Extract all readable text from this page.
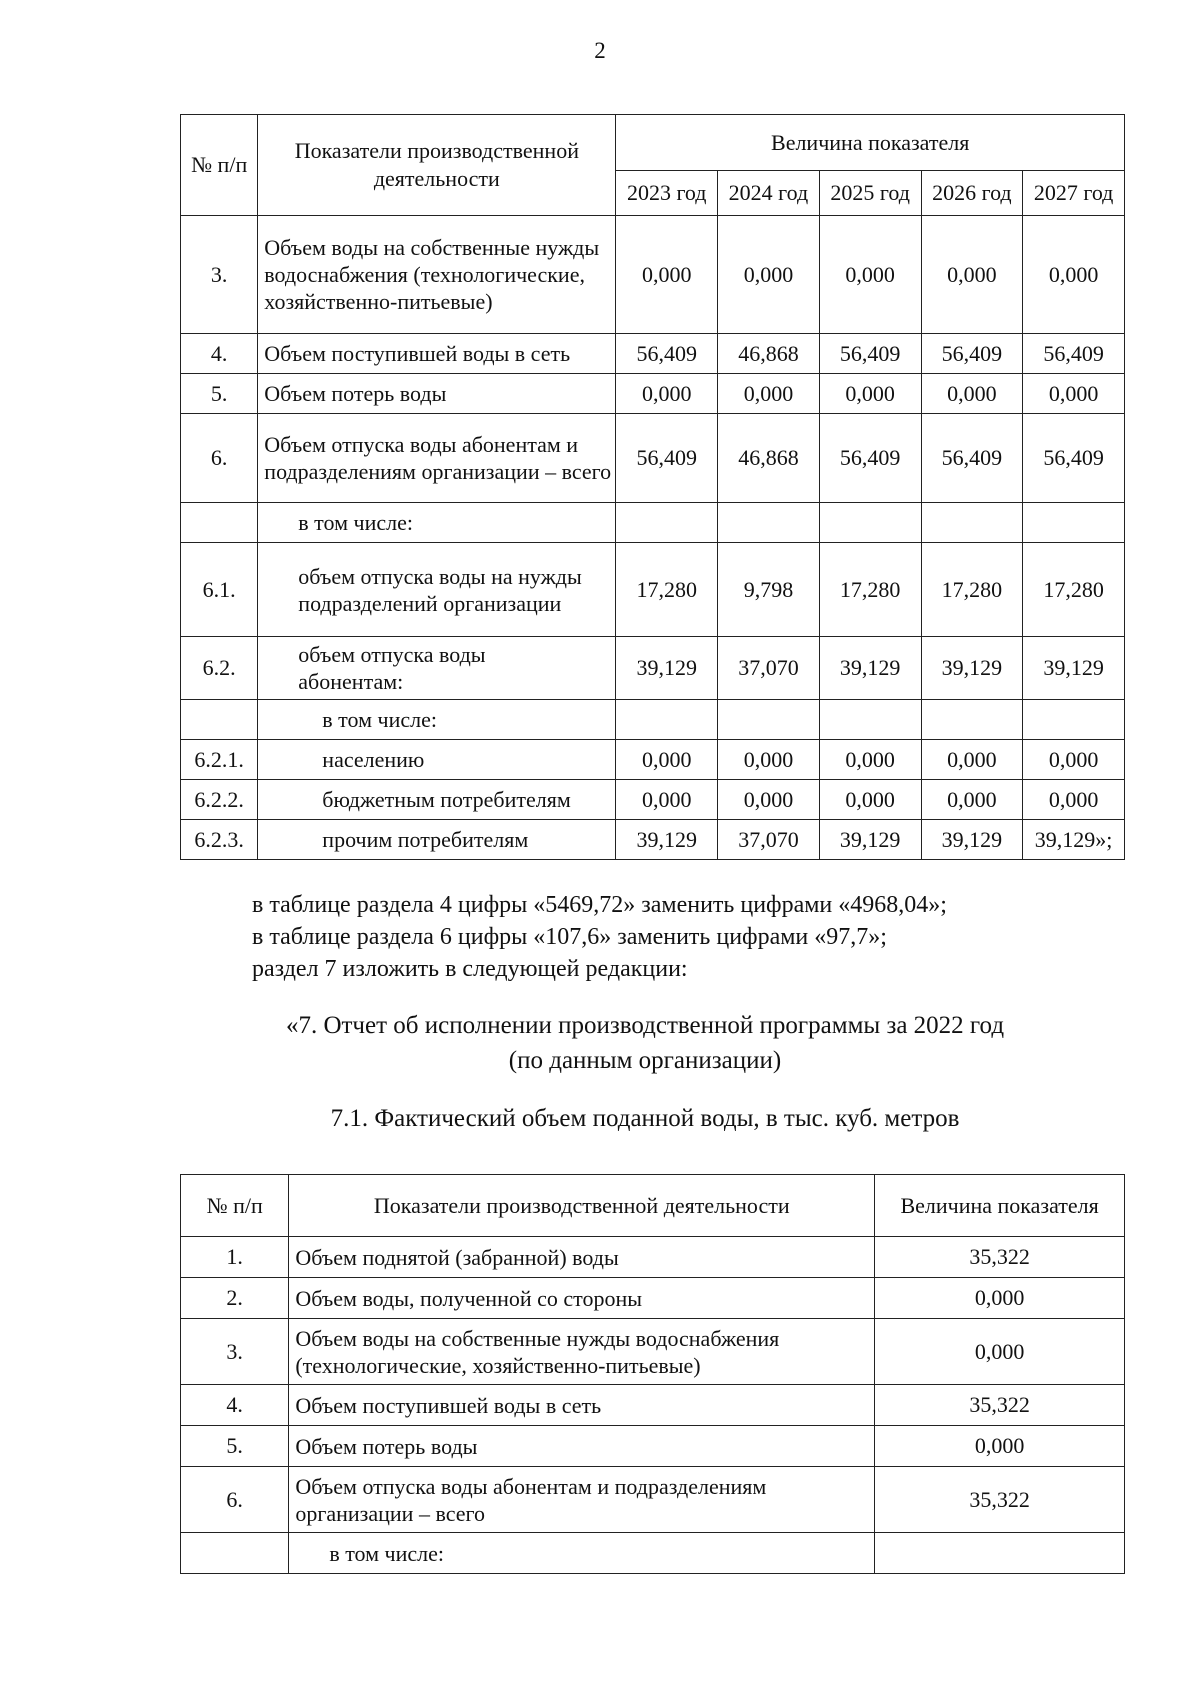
2
№ п/п	Показатели производственной деятельности	Величина показателя				
		2023 год	2024 год	2025 год	2026 год	2027 год
3.	Объем воды на собственные нужды водоснабжения (технологические, хозяйственно-питьевые)	0,000	0,000	0,000	0,000	0,000
4.	Объем поступившей воды в сеть	56,409	46,868	56,409	56,409	56,409
5.	Объем потерь воды	0,000	0,000	0,000	0,000	0,000
6.	Объем отпуска воды абонентам и подразделениям организации – всего	56,409	46,868	56,409	56,409	56,409
	в том числе:					
6.1.	объем отпуска воды на нужды подразделений организации	17,280	9,798	17,280	17,280	17,280
6.2.	объем отпуска воды абонентам:	39,129	37,070	39,129	39,129	39,129
	в том числе:					
6.2.1.	населению	0,000	0,000	0,000	0,000	0,000
6.2.2.	бюджетным потребителям	0,000	0,000	0,000	0,000	0,000
6.2.3.	прочим потребителям	39,129	37,070	39,129	39,129	39,129»;
в таблице раздела 4 цифры «5469,72» заменить цифрами «4968,04»;
в таблице раздела 6 цифры «107,6» заменить цифрами «97,7»;
раздел 7 изложить в следующей редакции:
«7. Отчет об исполнении производственной программы за 2022 год
(по данным организации)
7.1. Фактический объем поданной воды, в тыс. куб. метров
№ п/п	Показатели производственной деятельности	Величина показателя
1.	Объем поднятой (забранной) воды	35,322
2.	Объем воды, полученной со стороны	0,000
3.	Объем воды на собственные нужды водоснабжения (технологические, хозяйственно-питьевые)	0,000
4.	Объем поступившей воды в сеть	35,322
5.	Объем потерь воды	0,000
6.	Объем отпуска воды абонентам и подразделениям организации – всего	35,322
	в том числе:	
